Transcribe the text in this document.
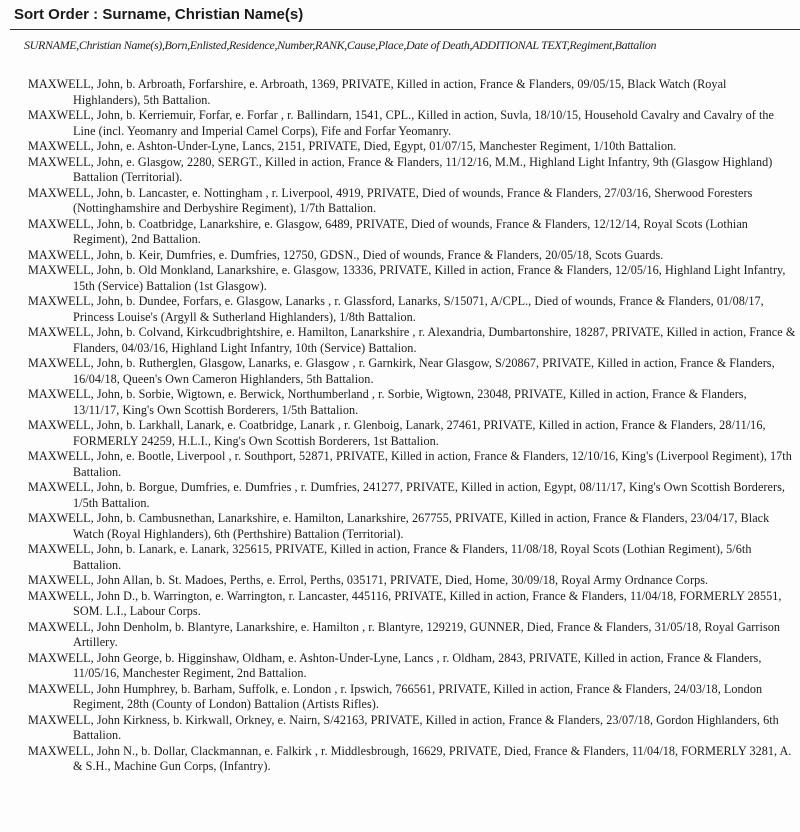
Sort Order : Surname, Christian Name(s)
SURNAME,Christian Name(s),Born,Enlisted,Residence,Number,RANK,Cause,Place,Date of Death,ADDITIONAL TEXT,Regiment,Battalion
MAXWELL, John, b. Arbroath, Forfarshire, e. Arbroath, 1369, PRIVATE, Killed in action, France & Flanders, 09/05/15, Black Watch (Royal Highlanders), 5th Battalion.
MAXWELL, John, b. Kerriemuir, Forfar, e. Forfar , r. Ballindarn, 1541, CPL., Killed in action, Suvla, 18/10/15, Household Cavalry and Cavalry of the Line (incl. Yeomanry and Imperial Camel Corps), Fife and Forfar Yeomanry.
MAXWELL, John, e. Ashton-Under-Lyne, Lancs, 2151, PRIVATE, Died, Egypt, 01/07/15, Manchester Regiment, 1/10th Battalion.
MAXWELL, John, e. Glasgow, 2280, SERGT., Killed in action, France & Flanders, 11/12/16, M.M., Highland Light Infantry, 9th (Glasgow Highland) Battalion (Territorial).
MAXWELL, John, b. Lancaster, e. Nottingham , r. Liverpool, 4919, PRIVATE, Died of wounds, France & Flanders, 27/03/16, Sherwood Foresters (Nottinghamshire and Derbyshire Regiment), 1/7th Battalion.
MAXWELL, John, b. Coatbridge, Lanarkshire, e. Glasgow, 6489, PRIVATE, Died of wounds, France & Flanders, 12/12/14, Royal Scots (Lothian Regiment), 2nd Battalion.
MAXWELL, John, b. Keir, Dumfries, e. Dumfries, 12750, GDSN., Died of wounds, France & Flanders, 20/05/18, Scots Guards.
MAXWELL, John, b. Old Monkland, Lanarkshire, e. Glasgow, 13336, PRIVATE, Killed in action, France & Flanders, 12/05/16, Highland Light Infantry, 15th (Service) Battalion (1st Glasgow).
MAXWELL, John, b. Dundee, Forfars, e. Glasgow, Lanarks , r. Glassford, Lanarks, S/15071, A/CPL., Died of wounds, France & Flanders, 01/08/17, Princess Louise's (Argyll & Sutherland Highlanders), 1/8th Battalion.
MAXWELL, John, b. Colvand, Kirkcudbrightshire, e. Hamilton, Lanarkshire , r. Alexandria, Dumbartonshire, 18287, PRIVATE, Killed in action, France & Flanders, 04/03/16, Highland Light Infantry, 10th (Service) Battalion.
MAXWELL, John, b. Rutherglen, Glasgow, Lanarks, e. Glasgow , r. Garnkirk, Near Glasgow, S/20867, PRIVATE, Killed in action, France & Flanders, 16/04/18, Queen's Own Cameron Highlanders, 5th Battalion.
MAXWELL, John, b. Sorbie, Wigtown, e. Berwick, Northumberland , r. Sorbie, Wigtown, 23048, PRIVATE, Killed in action, France & Flanders, 13/11/17, King's Own Scottish Borderers, 1/5th Battalion.
MAXWELL, John, b. Larkhall, Lanark, e. Coatbridge, Lanark , r. Glenboig, Lanark, 27461, PRIVATE, Killed in action, France & Flanders, 28/11/16, FORMERLY 24259, H.L.I., King's Own Scottish Borderers, 1st Battalion.
MAXWELL, John, e. Bootle, Liverpool , r. Southport, 52871, PRIVATE, Killed in action, France & Flanders, 12/10/16, King's (Liverpool Regiment), 17th Battalion.
MAXWELL, John, b. Borgue, Dumfries, e. Dumfries , r. Dumfries, 241277, PRIVATE, Killed in action, Egypt, 08/11/17, King's Own Scottish Borderers, 1/5th Battalion.
MAXWELL, John, b. Cambusnethan, Lanarkshire, e. Hamilton, Lanarkshire, 267755, PRIVATE, Killed in action, France & Flanders, 23/04/17, Black Watch (Royal Highlanders), 6th (Perthshire) Battalion (Territorial).
MAXWELL, John, b. Lanark, e. Lanark, 325615, PRIVATE, Killed in action, France & Flanders, 11/08/18, Royal Scots (Lothian Regiment), 5/6th Battalion.
MAXWELL, John Allan, b. St. Madoes, Perths, e. Errol, Perths, 035171, PRIVATE, Died, Home, 30/09/18, Royal Army Ordnance Corps.
MAXWELL, John D., b. Warrington, e. Warrington, r. Lancaster, 445116, PRIVATE, Killed in action, France & Flanders, 11/04/18, FORMERLY 28551, SOM. L.I., Labour Corps.
MAXWELL, John Denholm, b. Blantyre, Lanarkshire, e. Hamilton , r. Blantyre, 129219, GUNNER, Died, France & Flanders, 31/05/18, Royal Garrison Artillery.
MAXWELL, John George, b. Higginshaw, Oldham, e. Ashton-Under-Lyne, Lancs , r. Oldham, 2843, PRIVATE, Killed in action, France & Flanders, 11/05/16, Manchester Regiment, 2nd Battalion.
MAXWELL, John Humphrey, b. Barham, Suffolk, e. London , r. Ipswich, 766561, PRIVATE, Killed in action, France & Flanders, 24/03/18, London Regiment, 28th (County of London) Battalion (Artists Rifles).
MAXWELL, John Kirkness, b. Kirkwall, Orkney, e. Nairn, S/42163, PRIVATE, Killed in action, France & Flanders, 23/07/18, Gordon Highlanders, 6th Battalion.
MAXWELL, John N., b. Dollar, Clackmannan, e. Falkirk , r. Middlesbrough, 16629, PRIVATE, Died, France & Flanders, 11/04/18, FORMERLY 3281, A. & S.H., Machine Gun Corps, (Infantry).
